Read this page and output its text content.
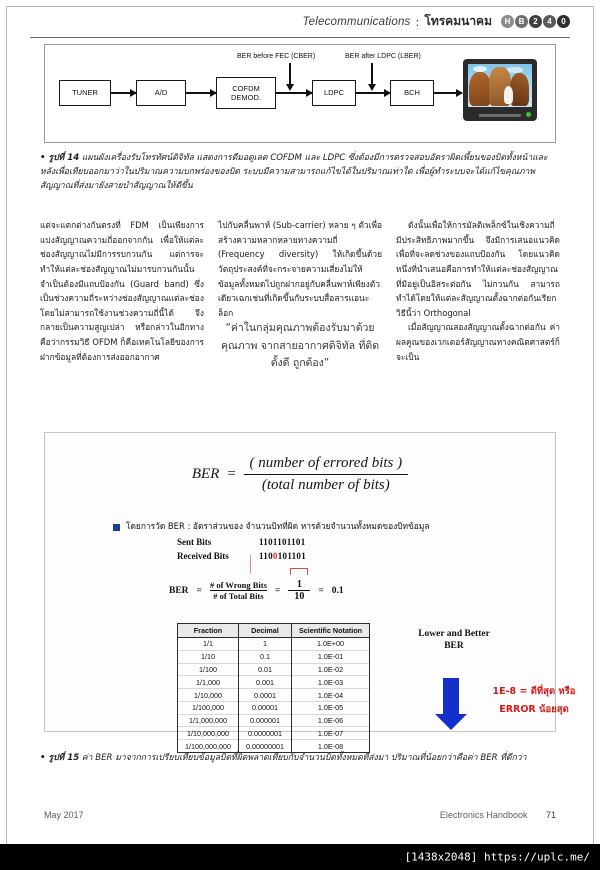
Telecommunications : โทรคมนาคม	H	B	2	4	0
TUNER	A/D
COFDM DEMOD.
LDPC	BCH
BER before FEC (CBER)	BER after LDPC (LBER)
• รูปที่ 14 แผนผังเครื่องรับโทรทัศน์ดิจิทัล แสดงการดีมอดูเลต COFDM และ LDPC ซึ่งต้องมีการตรวจสอบอัตราผิดเพี้ยนของบิตทั้งหน้าและหลังเพื่อเทียบออกมาว่าในปริมาณความบกพร่องของบิต ระบบมีความสามารถแก้ไขได้ในปริมาณเท่าใด เพื่อผู้ทำระบบจะได้แก้ไขคุณภาพสัญญาณที่ส่งมายังสายบำสัญญาณให้ดีขึ้น

แต่จะแตกต่างกันตรงที่ FDM เป็นเพียงการแบ่งสัญญาณความถี่ออกจากกัน เพื่อให้แต่ละช่องสัญญาณไม่มีการรบกวนกัน แต่การจะทำให้แต่ละช่องสัญญาณไม่มารบกวนกันนั้น จำเป็นต้องมีแถบป้องกัน (Guard band) ซึ่งเป็นช่วงความถี่ระหว่างช่องสัญญาณแต่ละช่องโดยไม่สามารถใช้งานช่วงความถี่นี้ได้ จึงกลายเป็นความสูญเปล่า หรือกล่าวในอีกทางคือว่ากรรมวิธี OFDM ก็คือเทคโนโลยีของการฝากข้อมูลที่ต้องการส่งออกอากาศ

ไปกับคลื่นพาห์ (Sub-carrier) หลาย ๆ ตัวเพื่อสร้างความหลากหลายทางความถี่ (Frequency diversity) ให้เกิดขึ้นด้วยวัตถุประสงค์ที่จะกระจายความเสี่ยงไม่ให้ข้อมูลทั้งหมดไปถูกฝากอยู่กับคลื่นพาห์เพียงตัวเดียวเฉกเช่นที่เกิดขึ้นกับระบบสื่อสารแอนะล็อก

“ค่าในกลุ่มคุณภาพต้องรับมาด้วยคุณภาพ จากสายอากาศดิจิทัล ที่ติดตั้งดี ถูกต้อง”

ดังนั้นเพื่อให้การมัลติเพล็กซ์ในเชิงความถี่มีประสิทธิภาพมากขึ้น จึงมีการเสนอแนวคิดเพื่อที่จะลดช่วงของแถบป้องกัน โดยแนวคิดหนึ่งที่นำเสนอคือการทำให้แต่ละช่องสัญญาณที่มีอยู่เป็นอิสระต่อกัน ไม่กวนกัน สามารถทำได้โดยให้แต่ละสัญญาณตั้งฉากต่อกันเรียกวิธีนี้ว่า Orthogonal

เมื่อสัญญาณสองสัญญาณตั้งฉากต่อกัน ค่าผลคูณของเวกเตอร์สัญญาณทางคณิตศาสตร์ก็จะเป็น

BER = $\frac{\text{( number of errored bits )}}{\text{(total number of bits)}}$
โดยการวัด BER : อัตราส่วนของ จำนวนบิทที่ผิด หารด้วยจำนวนทั้งหมดของบิทข้อมูล
Sent Bits	1101101101
Received Bits	1100101101
BER =
# of Wrong Bits
# of Total Bits
=
1
10
= 0.1
Fraction	Decimal	Scientific Notation
1/1	1	1.0E+00
1/10	0.1	1.0E-01
1/100	0.01	1.0E-02
1/1,000	0.001	1.0E-03
1/10,000	0.0001	1.0E-04
1/100,000	0.00001	1.0E-05
1/1,000,000	0.000001	1.0E-06
1/10,000,000	0.0000001	1.0E-07
1/100,000,000	0.00000001	1.0E-08
Lower and Better BER
1E-8 = ดีที่สุด หรือ
ERROR น้อยสุด
• รูปที่ 15 ค่า BER มาจากการเปรียบเทียบข้อมูลบิตที่ผิดพลาดเทียบกับจำนวนบิตทั้งหมดที่ส่งมา ปริมาณที่น้อยกว่าคือค่า BER ที่ดีกว่า
May 2017	Electronics Handbook 71
[1438x2048] https://uplc.me/
